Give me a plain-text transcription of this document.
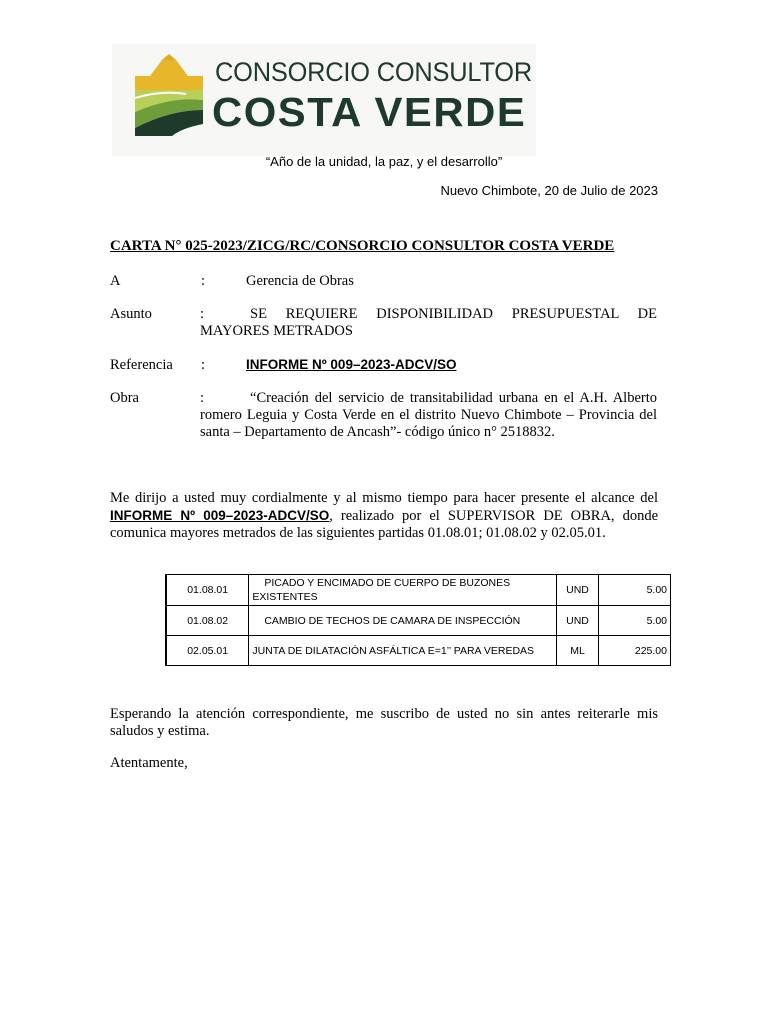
CONSORCIO CONSULTOR
COSTA VERDE
“Año de la unidad, la paz, y el desarrollo”
Nuevo Chimbote, 20 de Julio de 2023
CARTA N° 025-2023/ZICG/RC/CONSORCIO CONSULTOR COSTA VERDE
A	:	Gerencia de Obras
Asunto	:	SE REQUIERE DISPONIBILIDAD PRESUPUESTAL DE MAYORES METRADOS
Referencia :	INFORME Nº 009–2023-ADCV/SO
Obra	:	“Creación del servicio de transitabilidad urbana en el A.H. Alberto romero Leguia y Costa Verde en el distrito Nuevo Chimbote – Provincia del santa – Departamento de Ancash”- código único n° 2518832.
Me dirijo a usted muy cordialmente y al mismo tiempo para hacer presente el alcance del INFORME Nº 009–2023-ADCV/SO, realizado por el SUPERVISOR DE OBRA, donde comunica mayores metrados de las siguientes partidas 01.08.01; 01.08.02 y 02.05.01.
01.08.01	PICADO Y ENCIMADO DE CUERPO DE BUZONES EXISTENTES	UND	5.00
01.08.02	CAMBIO DE TECHOS DE CAMARA DE INSPECCIÓN	UND	5.00
02.05.01	JUNTA DE DILATACIÓN ASFÁLTICA E=1’’ PARA VEREDAS	ML	225.00
Esperando la atención correspondiente, me suscribo de usted no sin antes reiterarle mis saludos y estima.
Atentamente,
